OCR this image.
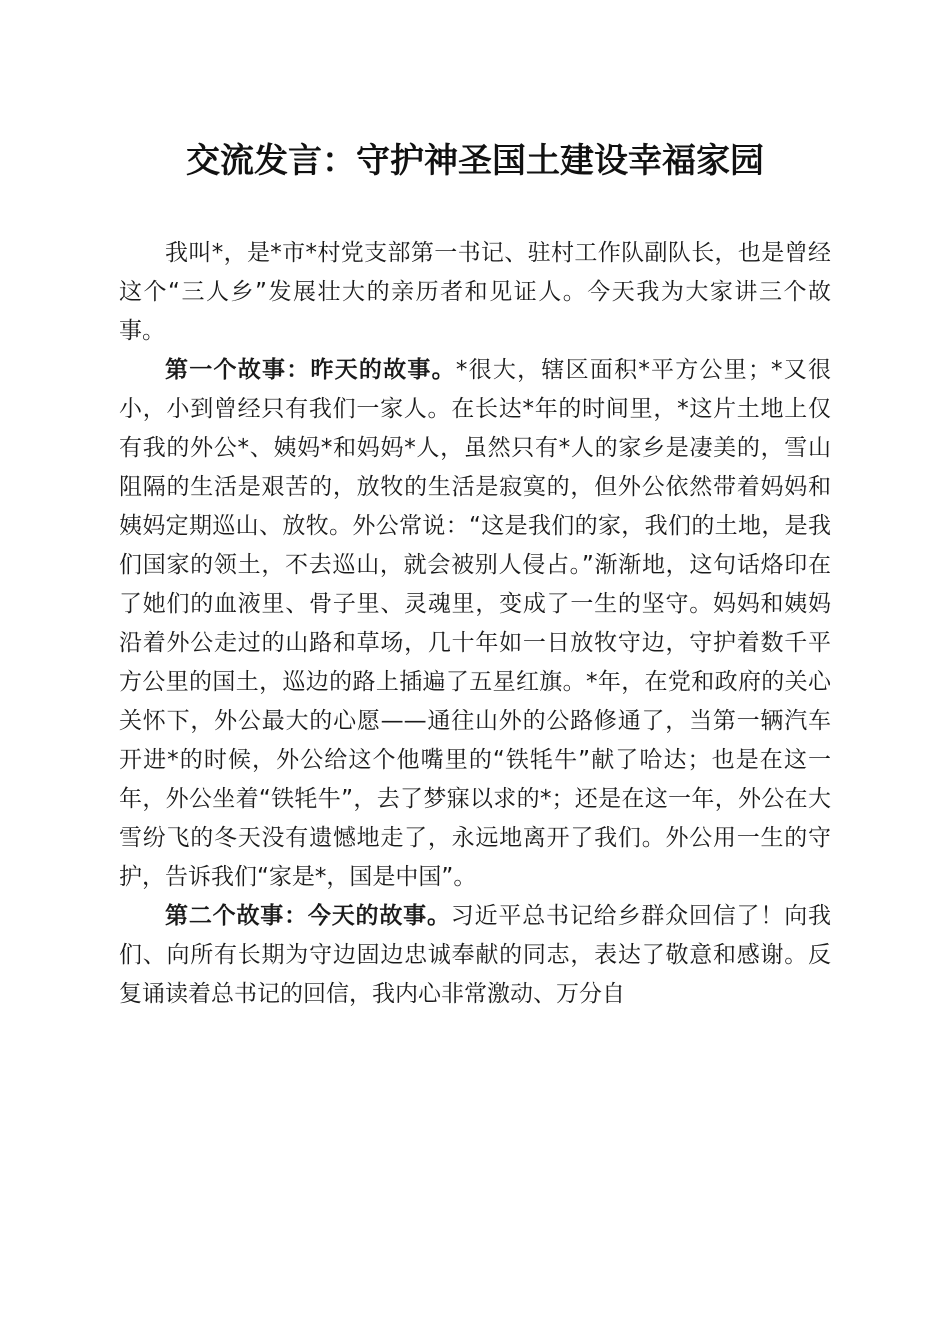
交流发言：守护神圣国土建设幸福家园

我叫*，是*市*村党支部第一书记、驻村工作队副队长，也是曾经这个“三人乡”发展壮大的亲历者和见证人。今天我为大家讲三个故事。

第一个故事：昨天的故事。*很大，辖区面积*平方公里；*又很小，小到曾经只有我们一家人。在长达*年的时间里，*这片土地上仅有我的外公*、姨妈*和妈妈*人，虽然只有*人的家乡是凄美的，雪山阻隔的生活是艰苦的，放牧的生活是寂寞的，但外公依然带着妈妈和姨妈定期巡山、放牧。外公常说：“这是我们的家，我们的土地，是我们国家的领土，不去巡山，就会被别人侵占。”渐渐地，这句话烙印在了她们的血液里、骨子里、灵魂里，变成了一生的坚守。妈妈和姨妈沿着外公走过的山路和草场，几十年如一日放牧守边，守护着数千平方公里的国土，巡边的路上插遍了五星红旗。*年，在党和政府的关心关怀下，外公最大的心愿——通往山外的公路修通了，当第一辆汽车开进*的时候，外公给这个他嘴里的“铁牦牛”献了哈达；也是在这一年，外公坐着“铁牦牛”，去了梦寐以求的*；还是在这一年，外公在大雪纷飞的冬天没有遗憾地走了，永远地离开了我们。外公用一生的守护，告诉我们“家是*，国是中国”。

第二个故事：今天的故事。习近平总书记给乡群众回信了！向我们、向所有长期为守边固边忠诚奉献的同志，表达了敬意和感谢。反复诵读着总书记的回信，我内心非常激动、万分自
